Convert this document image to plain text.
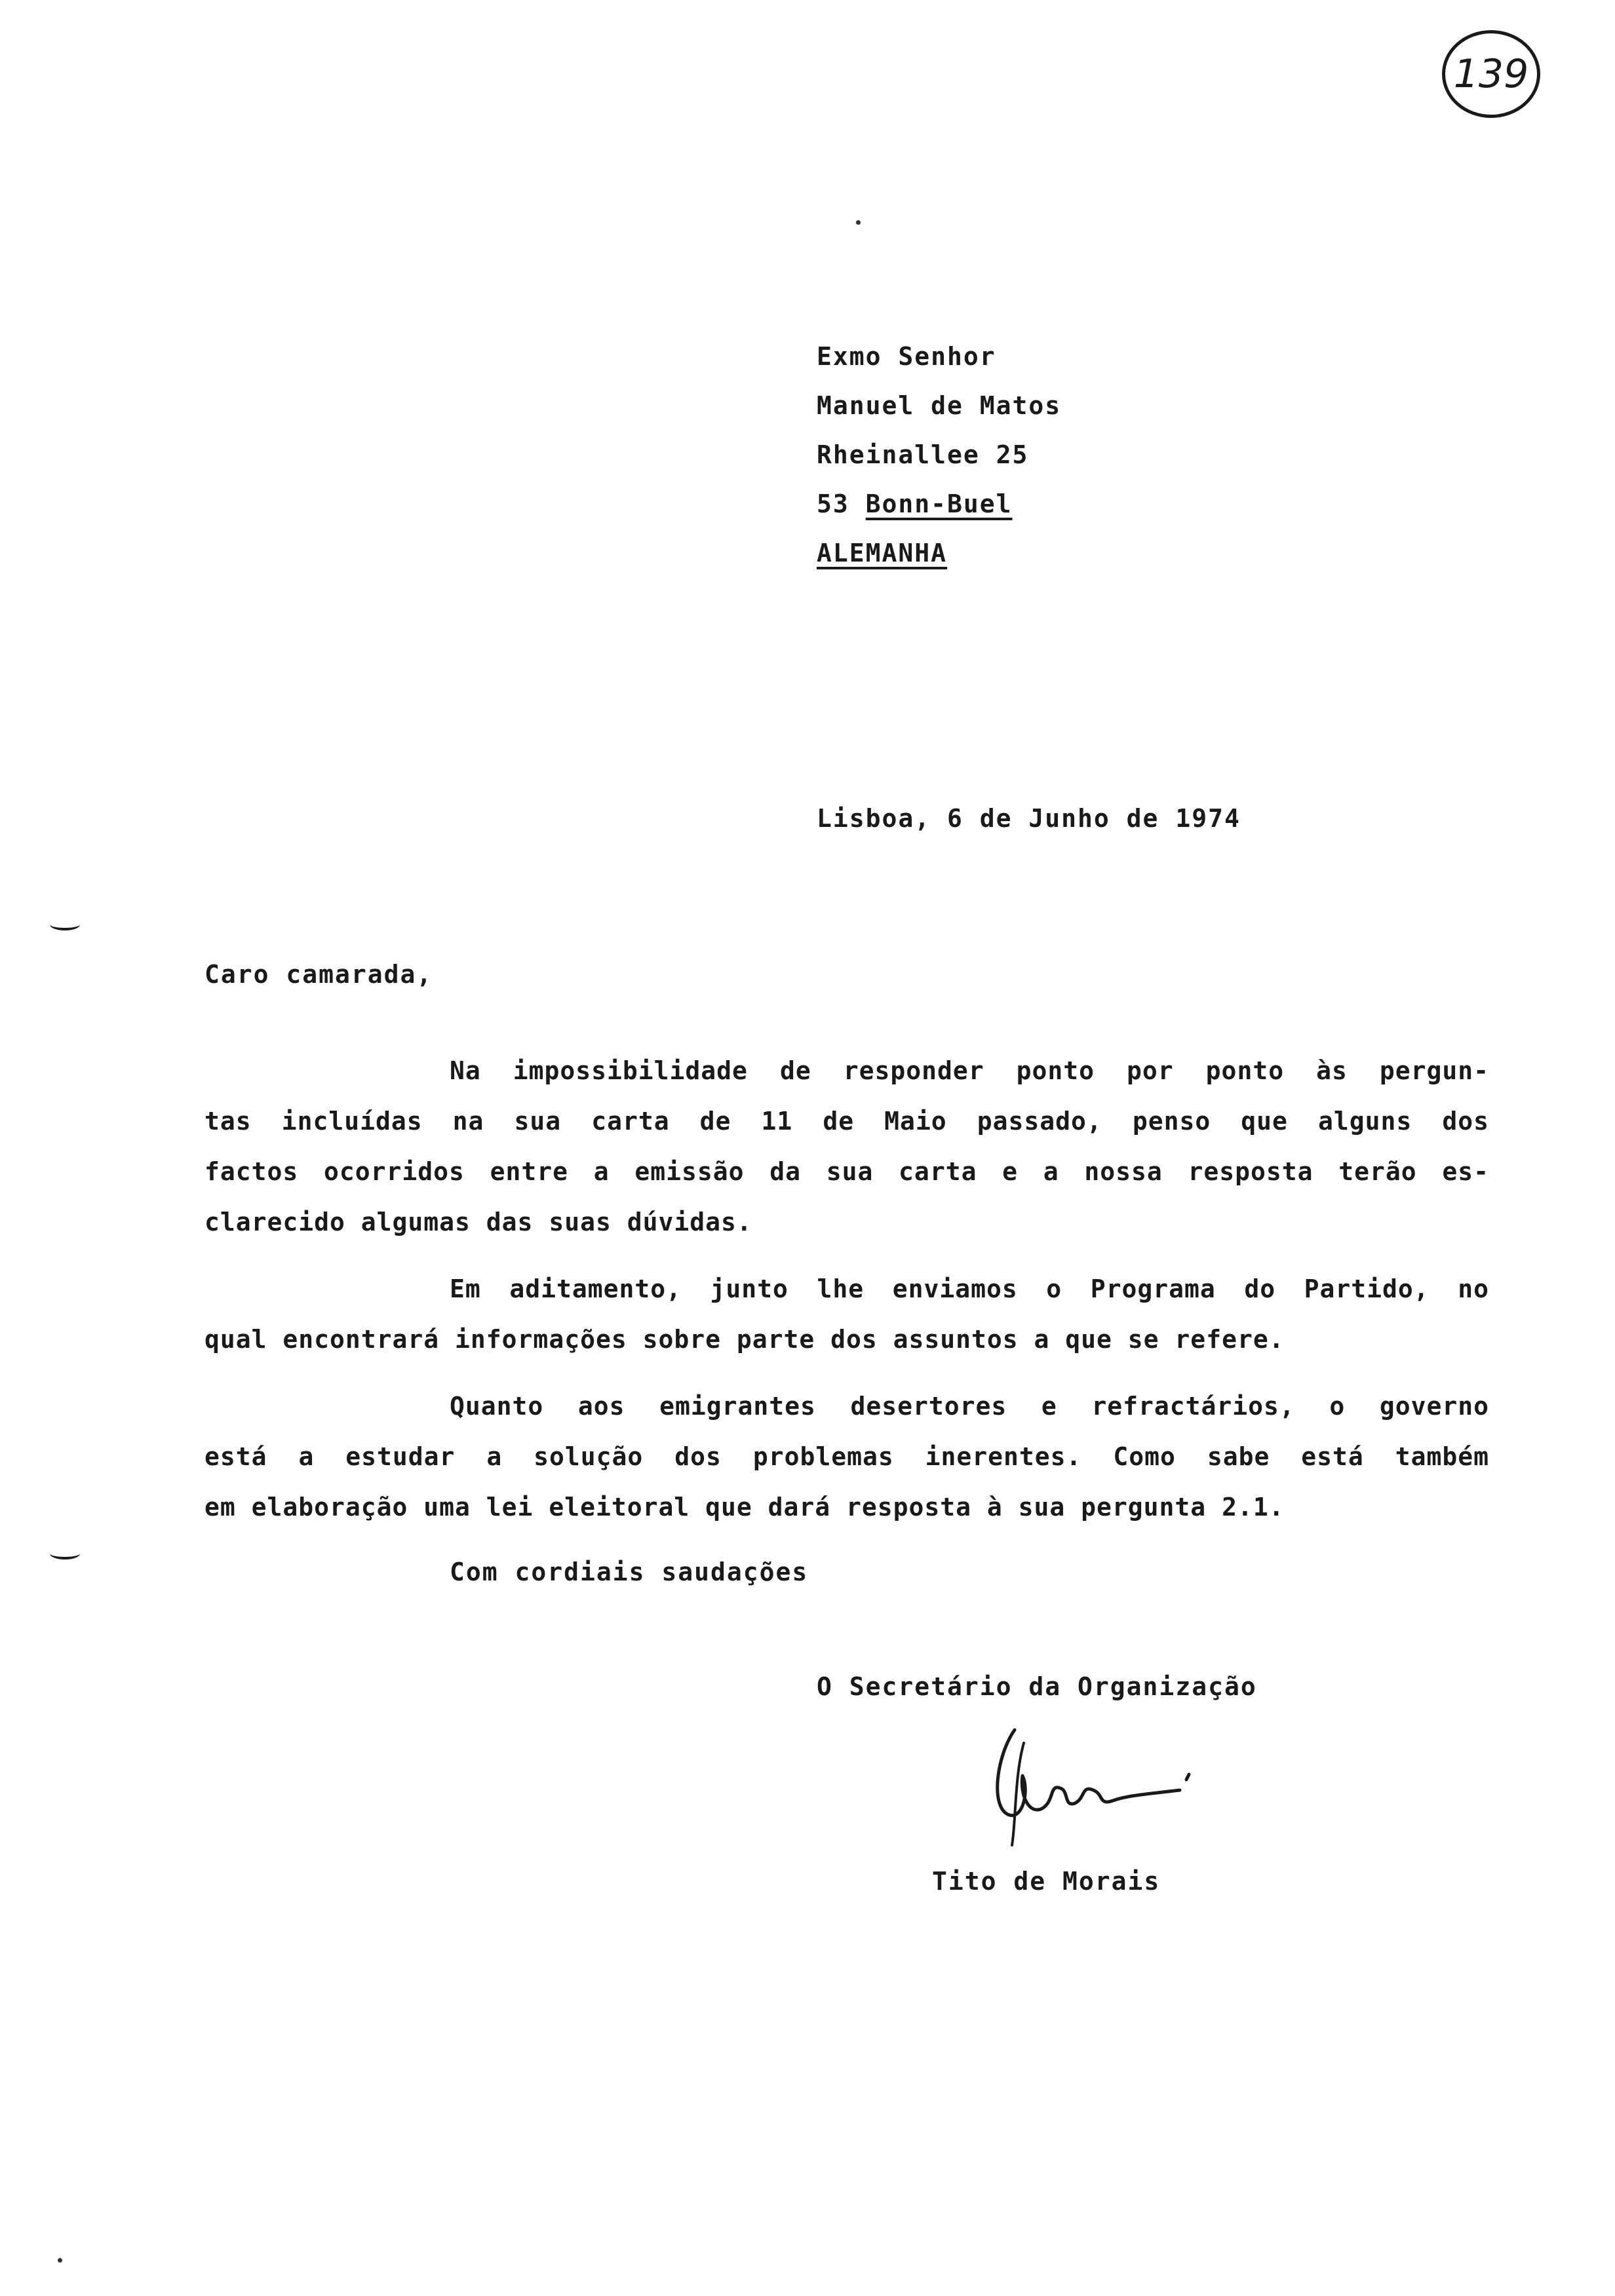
139
Exmo Senhor
Manuel de Matos
Rheinallee 25
53 Bonn-Buel
ALEMANHA
Lisboa, 6 de Junho de 1974
Caro camarada,
Na impossibilidade de responder ponto por ponto às pergun-
tas incluídas na sua carta de 11 de Maio passado, penso que alguns dos
factos ocorridos entre a emissão da sua carta e a nossa resposta terão es-
clarecido algumas das suas dúvidas.
Em aditamento, junto lhe enviamos o Programa do Partido, no
qual encontrará informações sobre parte dos assuntos a que se refere.
Quanto aos emigrantes desertores e refractários, o governo
está a estudar a solução dos problemas inerentes. Como sabe está também
em elaboração uma lei eleitoral que dará resposta à sua pergunta 2.1.
Com cordiais saudações
O Secretário da Organização
Tito de Morais
